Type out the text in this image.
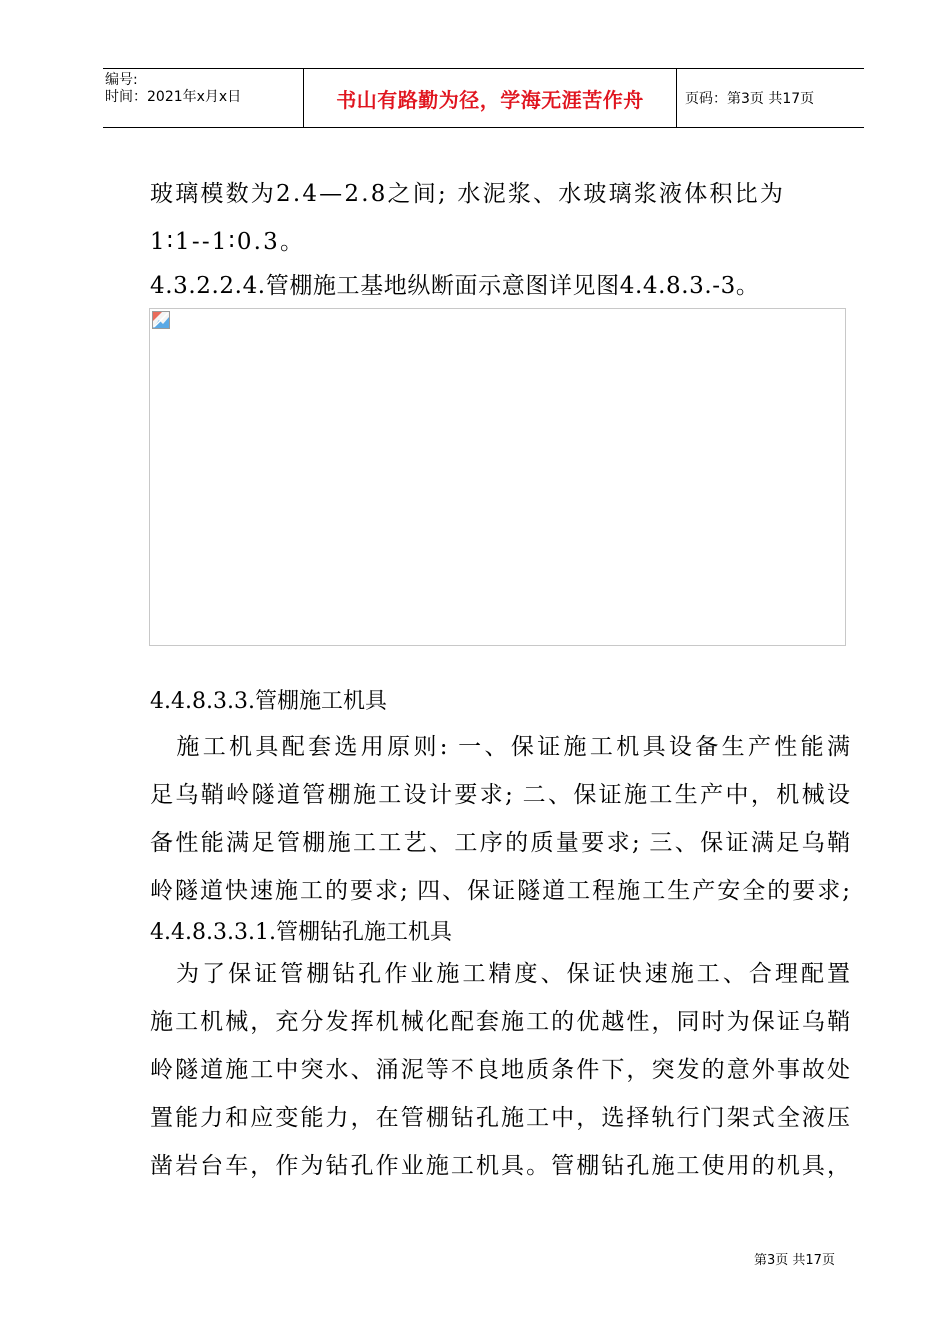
编号:
时间：2021年x月x日	书山有路勤为径，学海无涯苦作舟	页码：第3页 共17页
玻璃模数为2.4—2.8之间; 水泥浆、水玻璃浆液体积比为
1∶1--1∶0.3。
4.3.2.2.4.管棚施工基地纵断面示意图详见图4.4.8.3.-3。
4.4.8.3.3.管棚施工机具
　施工机具配套选用原则: 一、保证施工机具设备生产性能满
足乌鞘岭隧道管棚施工设计要求; 二、保证施工生产中，机械设
备性能满足管棚施工工艺、工序的质量要求; 三、保证满足乌鞘
岭隧道快速施工的要求; 四、保证隧道工程施工生产安全的要求;
4.4.8.3.3.1.管棚钻孔施工机具
　为了保证管棚钻孔作业施工精度、保证快速施工、合理配置
施工机械，充分发挥机械化配套施工的优越性，同时为保证乌鞘
岭隧道施工中突水、涌泥等不良地质条件下，突发的意外事故处
置能力和应变能力，在管棚钻孔施工中，选择轨行门架式全液压
凿岩台车，作为钻孔作业施工机具。管棚钻孔施工使用的机具，
第3页 共17页
